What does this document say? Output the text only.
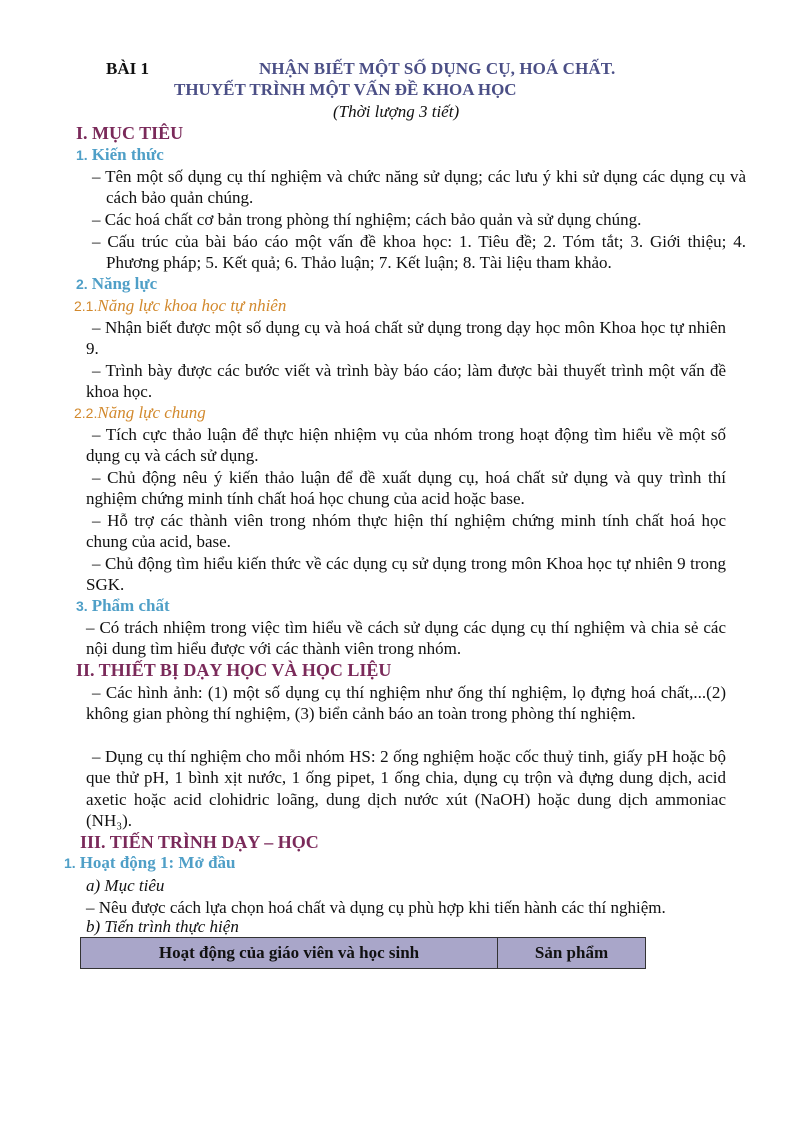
BÀI 1	NHẬN BIẾT MỘT SỐ DỤNG CỤ, HOÁ CHẤT.
THUYẾT TRÌNH MỘT VẤN ĐỀ KHOA HỌC
(Thời lượng 3 tiết)
I. MỤC TIÊU
1. Kiến thức
– Tên một số dụng cụ thí nghiệm và chức năng sử dụng; các lưu ý khi sử dụng các dụng cụ và cách bảo quản chúng.
– Các hoá chất cơ bản trong phòng thí nghiệm; cách bảo quản và sử dụng chúng.
– Cấu trúc của bài báo cáo một vấn đề khoa học: 1. Tiêu đề; 2. Tóm tắt; 3. Giới thiệu; 4. Phương pháp; 5. Kết quả; 6. Thảo luận; 7. Kết luận; 8. Tài liệu tham khảo.
2. Năng lực
2.1.Năng lực khoa học tự nhiên
– Nhận biết được một số dụng cụ và hoá chất sử dụng trong dạy học môn Khoa học tự nhiên 9.
– Trình bày được các bước viết và trình bày báo cáo; làm được bài thuyết trình một vấn đề khoa học.
2.2.Năng lực chung
– Tích cực thảo luận để thực hiện nhiệm vụ của nhóm trong hoạt động tìm hiểu về một số dụng cụ và cách sử dụng.
– Chủ động nêu ý kiến thảo luận để đề xuất dụng cụ, hoá chất sử dụng và quy trình thí nghiệm chứng minh tính chất hoá học chung của acid hoặc base.
– Hỗ trợ các thành viên trong nhóm thực hiện thí nghiệm chứng minh tính chất hoá học chung của acid, base.
– Chủ động tìm hiểu kiến thức về các dụng cụ sử dụng trong môn Khoa học tự nhiên 9 trong SGK.
3. Phẩm chất
– Có trách nhiệm trong việc tìm hiểu về cách sử dụng các dụng cụ thí nghiệm và chia sẻ các nội dung tìm hiểu được với các thành viên trong nhóm.
II. THIẾT BỊ DẠY HỌC VÀ HỌC LIỆU
– Các hình ảnh: (1) một số dụng cụ thí nghiệm như ống thí nghiệm, lọ đựng hoá chất,...(2) không gian phòng thí nghiệm, (3) biển cảnh báo an toàn trong phòng thí nghiệm.
– Dụng cụ thí nghiệm cho mỗi nhóm HS: 2 ống nghiệm hoặc cốc thuỷ tinh, giấy pH hoặc bộ que thử pH, 1 bình xịt nước, 1 ống pipet, 1 ống chia, dụng cụ trộn và đựng dung dịch, acid axetic hoặc acid clohidric loãng, dung dịch nước xút (NaOH) hoặc dung dịch ammoniac (NH₃).
III. TIẾN TRÌNH DẠY – HỌC
1. Hoạt động 1: Mở đầu
a) Mục tiêu
– Nêu được cách lựa chọn hoá chất và dụng cụ phù hợp khi tiến hành các thí nghiệm.
b) Tiến trình thực hiện
Hoạt động của giáo viên và học sinh	Sản phẩm
